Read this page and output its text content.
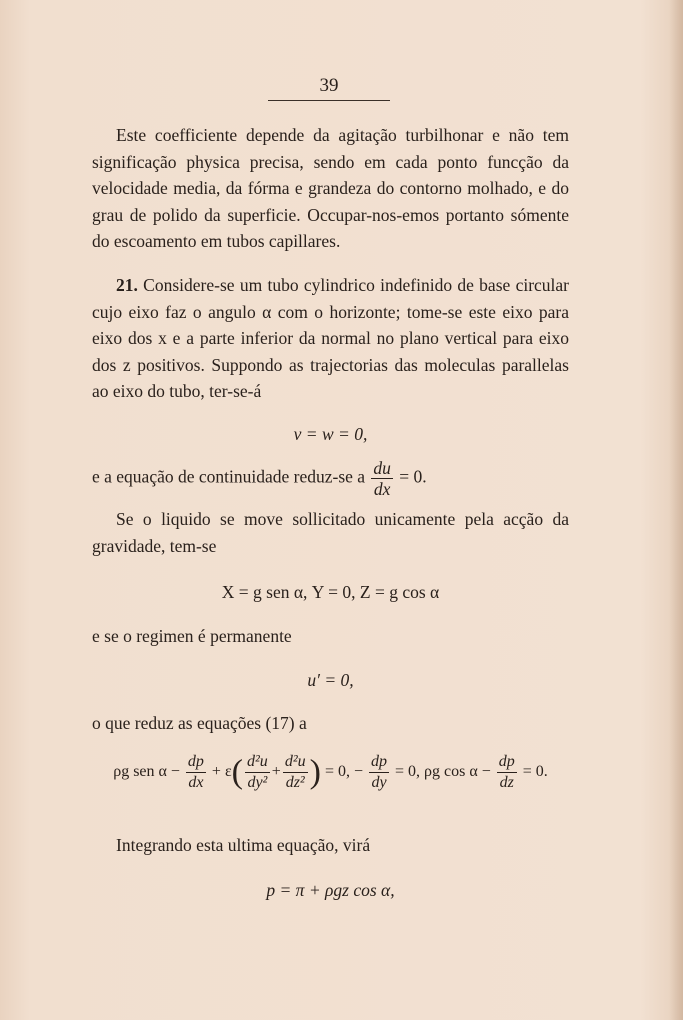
39
Este coefficiente depende da agitação turbilhonar e não tem significação physica precisa, sendo em cada ponto funcção da velocidade media, da fórma e grandeza do contorno molhado, e do grau de polido da superficie. Occupar-nos-emos portanto sómente do escoamento em tubos capillares.
21. Considere-se um tubo cylindrico indefinido de base circular cujo eixo faz o angulo α com o horizonte; tome-se este eixo para eixo dos x e a parte inferior da normal no plano vertical para eixo dos z positivos. Suppondo as trajectorias das moleculas parallelas ao eixo do tubo, ter-se-á
v = w = 0,
e a equação de continuidade reduz-se a $\frac{du}{dx} = 0$.
Se o liquido se move sollicitado unicamente pela acção da gravidade, tem-se
X = g sen α, Y = 0, Z = g cos α
e se o regimen é permanente
u′ = 0,
o que reduz as equações (17) a
ρg sen $\alpha - \frac{dp}{dx} + \varepsilon( \frac{\text{d²u}}{\text{dy²}} + \frac{\text{d²u}}{\text{dz²}}$ ) = 0, − $\frac{dp}{dy} = 0$, ρg $\cos \alpha - \frac{dp}{dz} = 0$.
Integrando esta ultima equação, virá
p = π + ρgz cos α,
